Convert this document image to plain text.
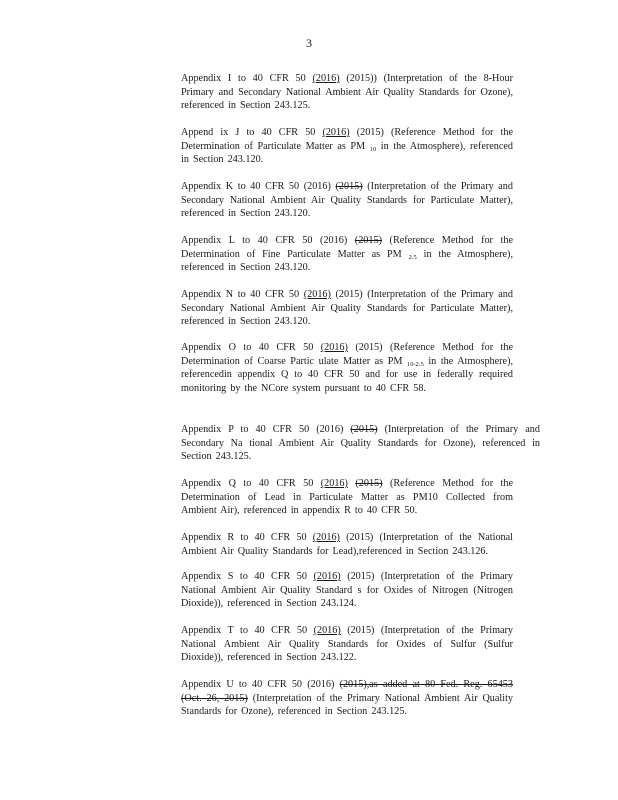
3
Appendix I to 40 CFR 50 (2016) (2015)) (Interpretation of the 8-Hour Primary and Secondary National Ambient Air Quality Standards for Ozone), referenced in Section 243.125.
Append ix J to 40 CFR 50 (2016) (2015) (Reference Method for the Determination of Particulate Matter as PM $_{10}$ in the Atmosphere), referenced in Section 243.120.
Appendix K to 40 CFR 50 (2016) (2015) (Interpretation of the Primary and Secondary National Ambient Air Quality Standards for Particulate Matter), referenced in Section 243.120.
Appendix L to 40 CFR 50 (2016) (2015) (Reference Method for the Determination of Fine Particulate Matter as PM $_{2.5}$ in the Atmosphere), referenced in Section 243.120.
Appendix N to 40 CFR 50 (2016) (2015) (Interpretation of the Primary and Secondary National Ambient Air Quality Standards for Particulate Matter), referenced in Section 243.120.
Appendix O to 40 CFR 50 (2016) (2015) (Reference Method for the Determination of Coarse Partic ulate Matter as PM $_{10-2.5}$ in the Atmosphere), referencedin appendix Q to 40 CFR 50 and for use in federally required monitoring by the NCore system pursuant to 40 CFR 58.
Appendix P to 40 CFR 50 (2016) (2015) (Interpretation of the Primary and Secondary Na tional Ambient Air Quality Standards for Ozone), referenced in Section 243.125.
Appendix Q to 40 CFR 50 (2016) (2015) (Reference Method for the Determination of Lead in Particulate Matter as PM10 Collected from Ambient Air), referenced in appendix R to 40 CFR 50.
Appendix R to 40 CFR 50 (2016) (2015) (Interpretation of the National Ambient Air Quality Standards for Lead),referenced in Section 243.126.
Appendix S to 40 CFR 50 (2016) (2015) (Interpretation of the Primary National Ambient Air Quality Standard s for Oxides of Nitrogen (Nitrogen Dioxide)), referenced in Section 243.124.
Appendix T to 40 CFR 50 (2016) (2015) (Interpretation of the Primary National Ambient Air Quality Standards for Oxides of Sulfur (Sulfur Dioxide)), referenced in Section 243.122.
Appendix U to 40 CFR 50 (2016) (2015),as added at 80 Fed. Reg. 65453 (Oct. 26, 2015) (Interpretation of the Primary National Ambient Air Quality Standards for Ozone), referenced in Section 243.125.
